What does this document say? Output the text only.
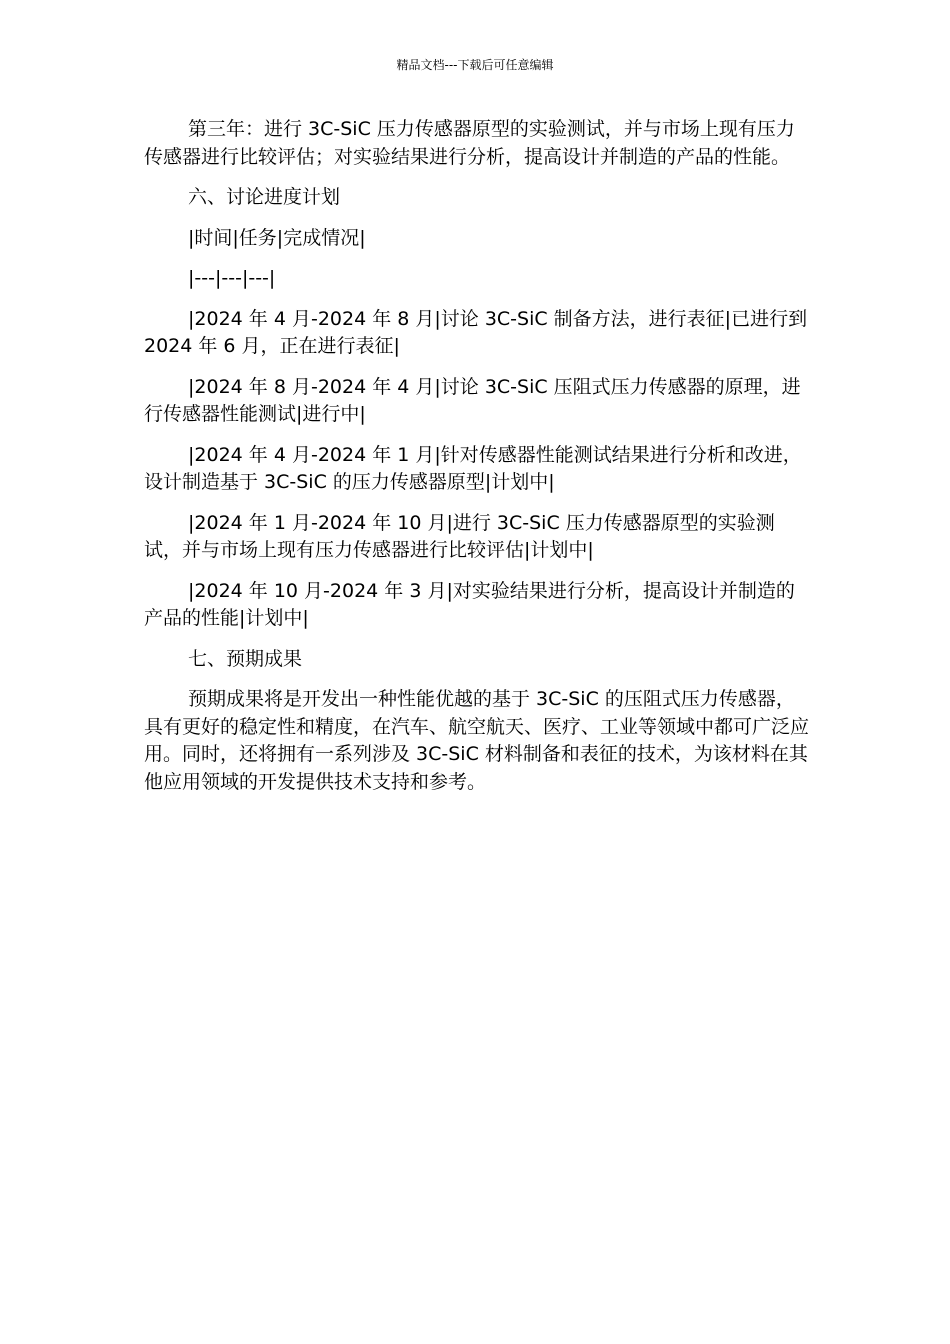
精品文档---下载后可任意编辑

第三年：进行 3C-SiC 压力传感器原型的实验测试，并与市场上现有压力传感器进行比较评估；对实验结果进行分析，提高设计并制造的产品的性能。

六、讨论进度计划

|时间|任务|完成情况|

|---|---|---|

|2024 年 4 月-2024 年 8 月|讨论 3C-SiC 制备方法，进行表征|已进行到 2024 年 6 月，正在进行表征|

|2024 年 8 月-2024 年 4 月|讨论 3C-SiC 压阻式压力传感器的原理，进行传感器性能测试|进行中|

|2024 年 4 月-2024 年 1 月|针对传感器性能测试结果进行分析和改进，设计制造基于 3C-SiC 的压力传感器原型|计划中|

|2024 年 1 月-2024 年 10 月|进行 3C-SiC 压力传感器原型的实验测试，并与市场上现有压力传感器进行比较评估|计划中|

|2024 年 10 月-2024 年 3 月|对实验结果进行分析，提高设计并制造的产品的性能|计划中|

七、预期成果

预期成果将是开发出一种性能优越的基于 3C-SiC 的压阻式压力传感器，具有更好的稳定性和精度，在汽车、航空航天、医疗、工业等领域中都可广泛应用。同时，还将拥有一系列涉及 3C-SiC 材料制备和表征的技术，为该材料在其他应用领域的开发提供技术支持和参考。
